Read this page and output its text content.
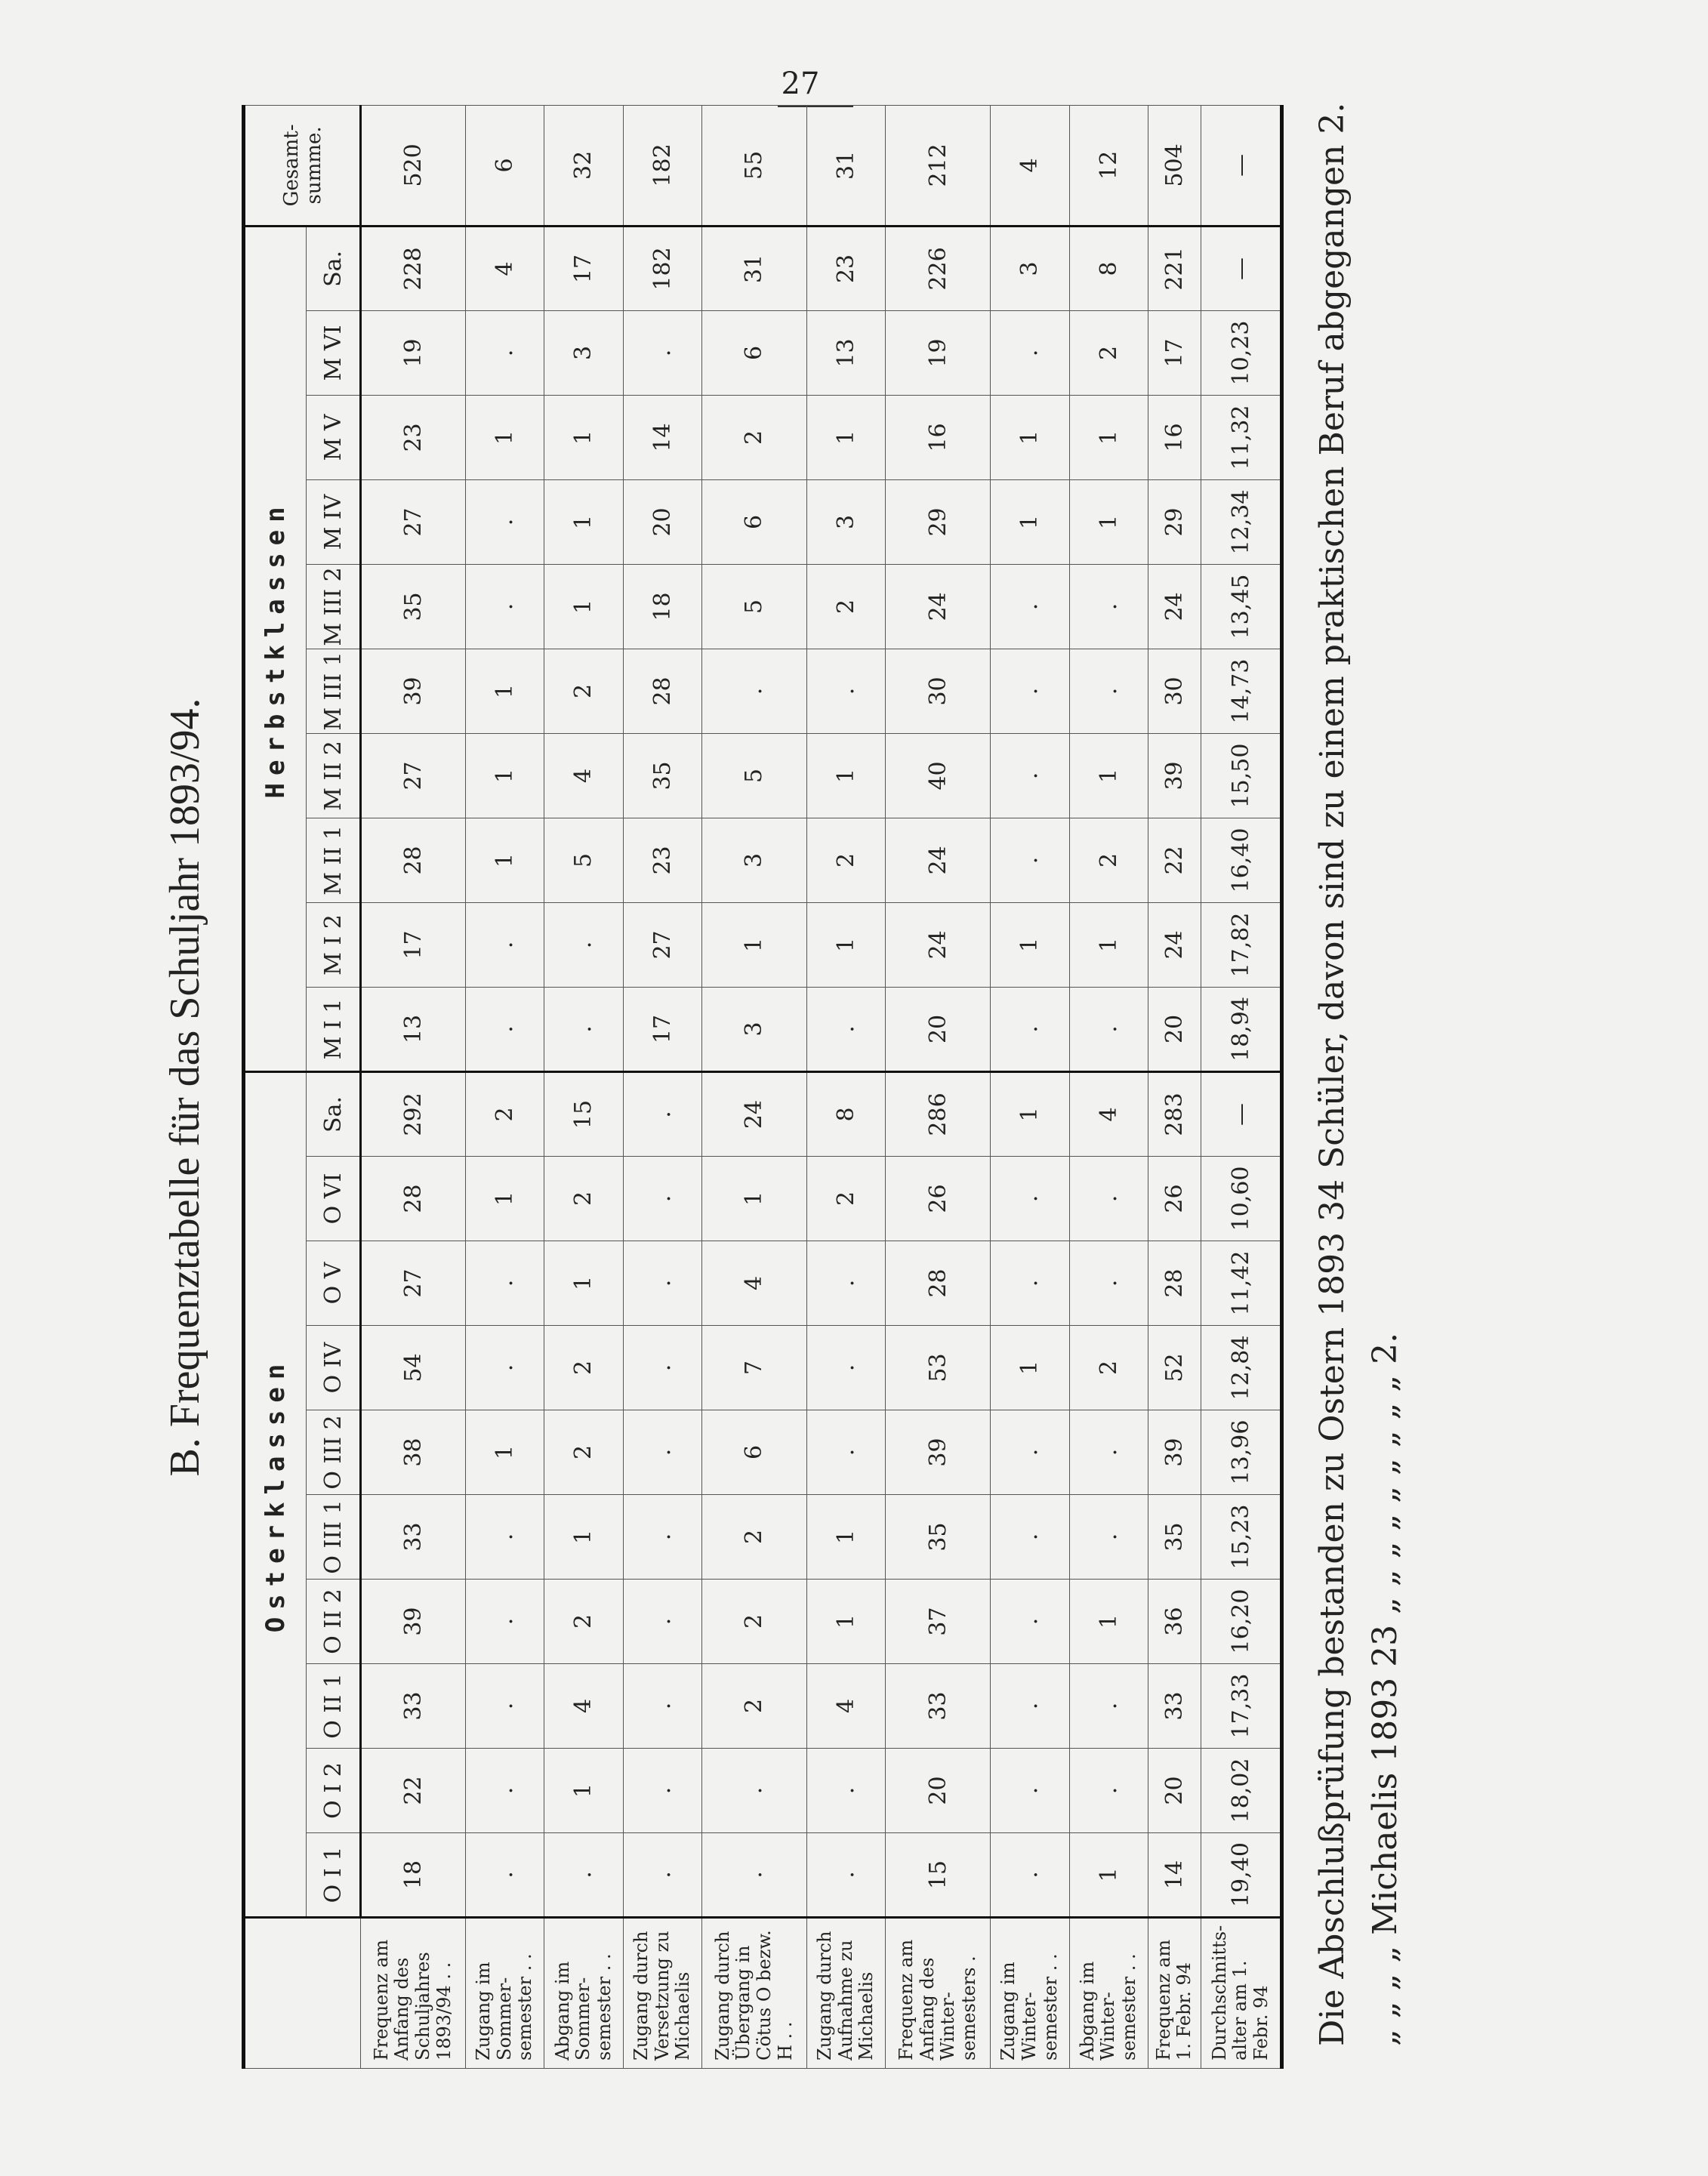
27
B. Frequenztabelle für das Schuljahr 1893/94.
	Osterklassen										Herbstklassen										Gesamt-summe.
	O I 1	O I 2	O II 1	O II 2	O III 1	O III 2	O IV	O V	O VI	Sa.	M I 1	M I 2	M II 1	M II 2	M III 1	M III 2	M IV	M V	M VI	Sa.	
Frequenz am Anfang des Schuljahres 1893/94 . .	18	22	33	39	33	38	54	27	28	292	13	17	28	27	39	35	27	23	19	228	520
Zugang im Sommer-semester . .	.	.	.	.	.	1	.	.	1	2	.	.	1	1	1	.	.	1	.	4	6
Abgang im Sommer-semester . .	.	1	4	2	1	2	2	1	2	15	.	.	5	4	2	1	1	1	3	17	32
Zugang durch Versetzung zu Michaelis	.	.	.	.	.	.	.	.	.	.	17	27	23	35	28	18	20	14	.	182	182
Zugang durch Übergang in Cötus O bezw. H . .	.	.	2	2	2	6	7	4	1	24	3	1	3	5	.	5	6	2	6	31	55
Zugang durch Aufnahme zu Michaelis	.	.	4	1	1	.	.	.	2	8	.	1	2	1	.	2	3	1	13	23	31
Frequenz am Anfang des Winter-semesters .	15	20	33	37	35	39	53	28	26	286	20	24	24	40	30	24	29	16	19	226	212
Zugang im Winter-semester . .	.	.	.	.	.	.	1	.	.	1	.	1	.	.	.	.	1	1	.	3	4
Abgang im Winter-semester . .	1	.	.	1	.	.	2	.	.	4	.	1	2	1	.	.	1	1	2	8	12
Frequenz am 1. Febr. 94	14	20	33	36	35	39	52	28	26	283	20	24	22	39	30	24	29	16	17	221	504
Durchschnitts-alter am 1. Febr. 94	19,40	18,02	17,33	16,20	15,23	13,96	12,84	11,42	10,60	—	18,94	17,82	16,40	15,50	14,73	13,45	12,34	11,32	10,23	—	— Die Abschlußprüfung bestanden zu Ostern 1893 34 Schüler, davon sind zu einem praktischen Beruf abgegangen 2. „ „ „ „ Michaelis 1893 23 „ „ „ „ „ „ „ „ „ 2.
